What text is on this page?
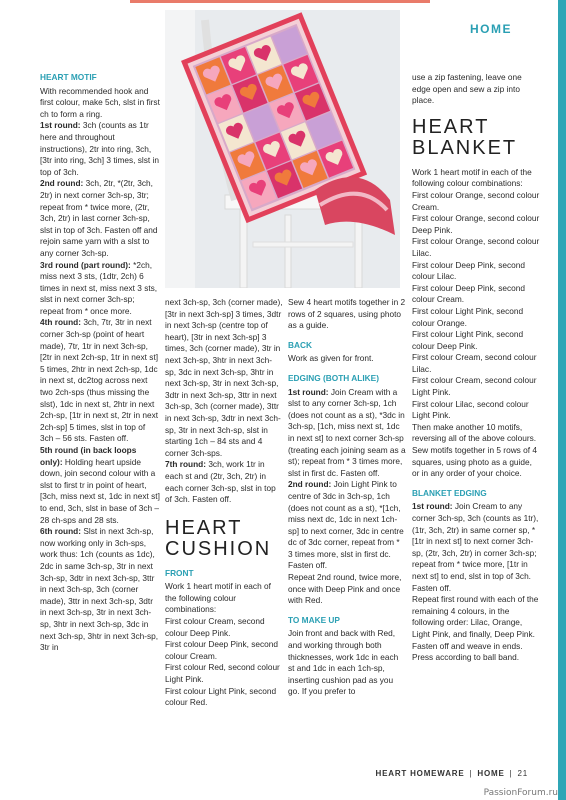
HOME
HEART MOTIF

With recommended hook and first colour, make 5ch, slst in first ch to form a ring.

1st round: 3ch (counts as 1tr here and throughout instructions), 2tr into ring, 3ch, [3tr into ring, 3ch] 3 times, slst in top of 3ch.

2nd round: 3ch, 2tr, *(2tr, 3ch, 2tr) in next corner 3ch-sp, 3tr; repeat from * twice more, (2tr, 3ch, 2tr) in last corner 3ch-sp, slst in top of 3ch. Fasten off and rejoin same yarn with a slst to any corner 3ch-sp.

3rd round (part round): *2ch, miss next 3 sts, (1dtr, 2ch) 6 times in next st, miss next 3 sts, slst in next corner 3ch-sp; repeat from * once more.

4th round: 3ch, 7tr, 3tr in next corner 3ch-sp (point of heart made), 7tr, 1tr in next 3ch-sp, [2tr in next 2ch-sp, 1tr in next st] 5 times, 2htr in next 2ch-sp, 1dc in next st, dc2tog across next two 2ch-sps (thus missing the slst), 1dc in next st, 2htr in next 2ch-sp, [1tr in next st, 2tr in next 2ch-sp] 5 times, slst in top of 3ch – 56 sts. Fasten off.

5th round (in back loops only): Holding heart upside down, join second colour with a slst to first tr in point of heart, [3ch, miss next st, 1dc in next st] to end, 3ch, slst in base of 3ch – 28 ch-sps and 28 sts.

6th round: Slst in next 3ch-sp, now working only in 3ch-sps, work thus: 1ch (counts as 1dc), 2dc in same 3ch-sp, 3tr in next 3ch-sp, 3dtr in next 3ch-sp, 3ttr in next 3ch-sp, 3ch (corner made), 3ttr in next 3ch-sp, 3dtr in next 3ch-sp, 3tr in next 3ch-sp, 3htr in next 3ch-sp, 3dc in next 3ch-sp, 3htr in next 3ch-sp, 3tr in

next 3ch-sp, 3ch (corner made), [3tr in next 3ch-sp] 3 times, 3dtr in next 3ch-sp (centre top of heart), [3tr in next 3ch-sp] 3 times, 3ch (corner made), 3tr in next 3ch-sp, 3htr in next 3ch-sp, 3dc in next 3ch-sp, 3htr in next 3ch-sp, 3tr in next 3ch-sp, 3dtr in next 3ch-sp, 3ttr in next 3ch-sp, 3ch (corner made), 3ttr in next 3ch-sp, 3dtr in next 3ch-sp, 3tr in next 3ch-sp, slst in starting 1ch – 84 sts and 4 corner 3ch-sps.

7th round: 3ch, work 1tr in each st and (2tr, 3ch, 2tr) in each corner 3ch-sp, slst in top of 3ch. Fasten off.

HEART CUSHION
FRONT

Work 1 heart motif in each of the following colour combinations:

First colour Cream, second colour Deep Pink.

First colour Deep Pink, second colour Cream.

First colour Red, second colour Light Pink.

First colour Light Pink, second colour Red.

Sew 4 heart motifs together in 2 rows of 2 squares, using photo as a guide.

BACK

Work as given for front.

EDGING (BOTH ALIKE)

1st round: Join Cream with a slst to any corner 3ch-sp, 1ch (does not count as a st), *3dc in 3ch-sp, [1ch, miss next st, 1dc in next st] to next corner 3ch-sp (treating each joining seam as a st); repeat from * 3 times more, slst in first dc. Fasten off.

2nd round: Join Light Pink to centre of 3dc in 3ch-sp, 1ch (does not count as a st), *[1ch, miss next dc, 1dc in next 1ch-sp] to next corner, 3dc in centre dc of 3dc corner, repeat from * 3 times more, slst in first dc. Fasten off.

Repeat 2nd round, twice more, once with Deep Pink and once with Red.

TO MAKE UP

Join front and back with Red, and working through both thicknesses, work 1dc in each st and 1dc in each 1ch-sp, inserting cushion pad as you go. If you prefer to

use a zip fastening, leave one edge open and sew a zip into place.

HEART BLANKET

Work 1 heart motif in each of the following colour combinations:

First colour Orange, second colour Cream.

First colour Orange, second colour Deep Pink.

First colour Orange, second colour Lilac.

First colour Deep Pink, second colour Lilac.

First colour Deep Pink, second colour Cream.

First colour Light Pink, second colour Orange.

First colour Light Pink, second colour Deep Pink.

First colour Cream, second colour Lilac.

First colour Cream, second colour Light Pink.

First colour Lilac, second colour Light Pink.

Then make another 10 motifs, reversing all of the above colours. Sew motifs together in 5 rows of 4 squares, using photo as a guide, or in any order of your choice.

BLANKET EDGING

1st round: Join Cream to any corner 3ch-sp, 3ch (counts as 1tr), (1tr, 3ch, 2tr) in same corner sp, *[1tr in next st] to next corner 3ch-sp, (2tr, 3ch, 2tr) in corner 3ch-sp; repeat from * twice more, [1tr in next st] to end, slst in top of 3ch. Fasten off.

Repeat first round with each of the remaining 4 colours, in the following order: Lilac, Orange, Light Pink, and finally, Deep Pink.

Fasten off and weave in ends. Press according to ball band.

HEART HOMEWARE | HOME | 21
PassionForum.ru
